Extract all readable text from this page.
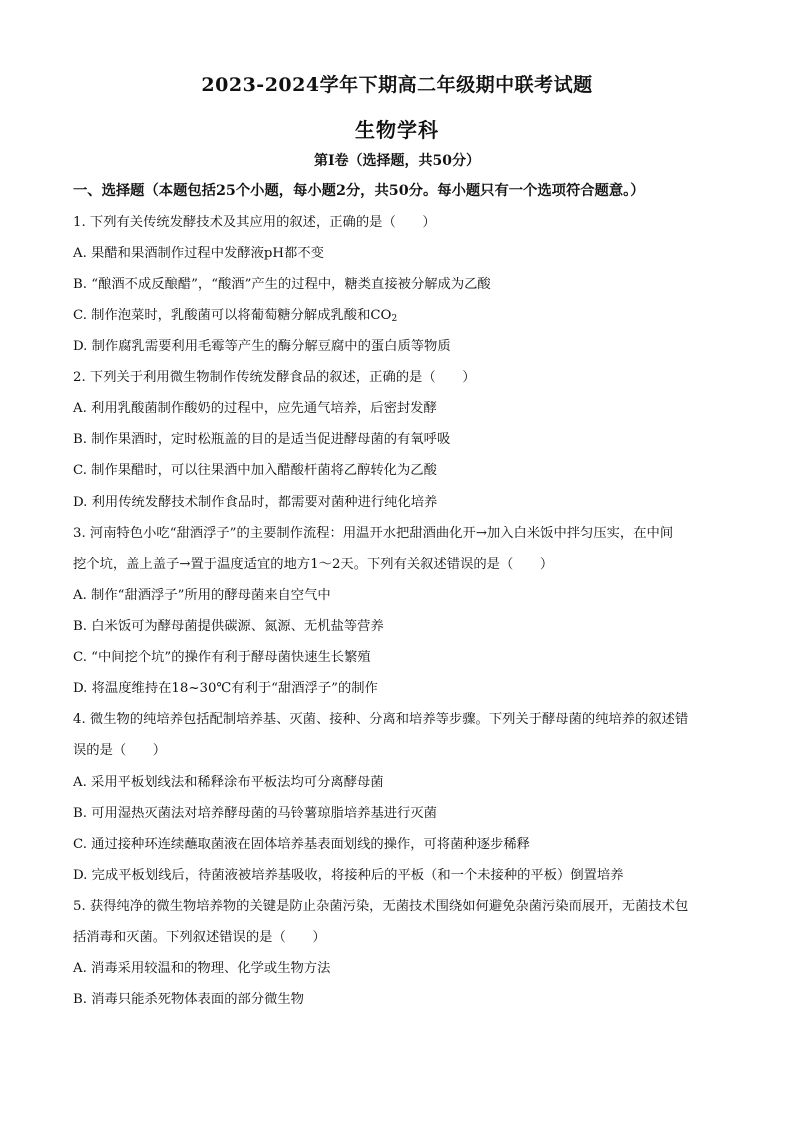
2023-2024学年下期高二年级期中联考试题
生物学科
第Ⅰ卷（选择题，共50分）
一、选择题（本题包括25个小题，每小题2分，共50分。每小题只有一个选项符合题意。）
1. 下列有关传统发酵技术及其应用的叙述，正确的是（　　）
A. 果醋和果酒制作过程中发酵液pH都不变
B. “酿酒不成反酿醋”，“酸酒”产生的过程中，糖类直接被分解成为乙酸
C. 制作泡菜时，乳酸菌可以将葡萄糖分解成乳酸和$CO_2$
D. 制作腐乳需要利用毛霉等产生的酶分解豆腐中的蛋白质等物质
2. 下列关于利用微生物制作传统发酵食品的叙述，正确的是（　　）
A. 利用乳酸菌制作酸奶的过程中，应先通气培养，后密封发酵
B. 制作果酒时，定时松瓶盖的目的是适当促进酵母菌的有氧呼吸
C. 制作果醋时，可以往果酒中加入醋酸杆菌将乙醇转化为乙酸
D. 利用传统发酵技术制作食品时，都需要对菌种进行纯化培养
3. 河南特色小吃“甜酒浮子”的主要制作流程：用温开水把甜酒曲化开→加入白米饭中拌匀压实，在中间
挖个坑，盖上盖子→置于温度适宜的地方1～2天。下列有关叙述错误的是（　　）
A. 制作“甜酒浮子”所用的酵母菌来自空气中
B. 白米饭可为酵母菌提供碳源、氮源、无机盐等营养
C. “中间挖个坑”的操作有利于酵母菌快速生长繁殖
D. 将温度维持在18~30℃有利于“甜酒浮子”的制作
4. 微生物的纯培养包括配制培养基、灭菌、接种、分离和培养等步骤。下列关于酵母菌的纯培养的叙述错
误的是（　　）
A. 采用平板划线法和稀释涂布平板法均可分离酵母菌
B. 可用湿热灭菌法对培养酵母菌的马铃薯琼脂培养基进行灭菌
C. 通过接种环连续蘸取菌液在固体培养基表面划线的操作，可将菌种逐步稀释
D. 完成平板划线后，待菌液被培养基吸收，将接种后的平板（和一个未接种的平板）倒置培养
5. 获得纯净的微生物培养物的关键是防止杂菌污染，无菌技术围绕如何避免杂菌污染而展开，无菌技术包
括消毒和灭菌。下列叙述错误的是（　　）
A. 消毒采用较温和的物理、化学或生物方法
B. 消毒只能杀死物体表面的部分微生物
